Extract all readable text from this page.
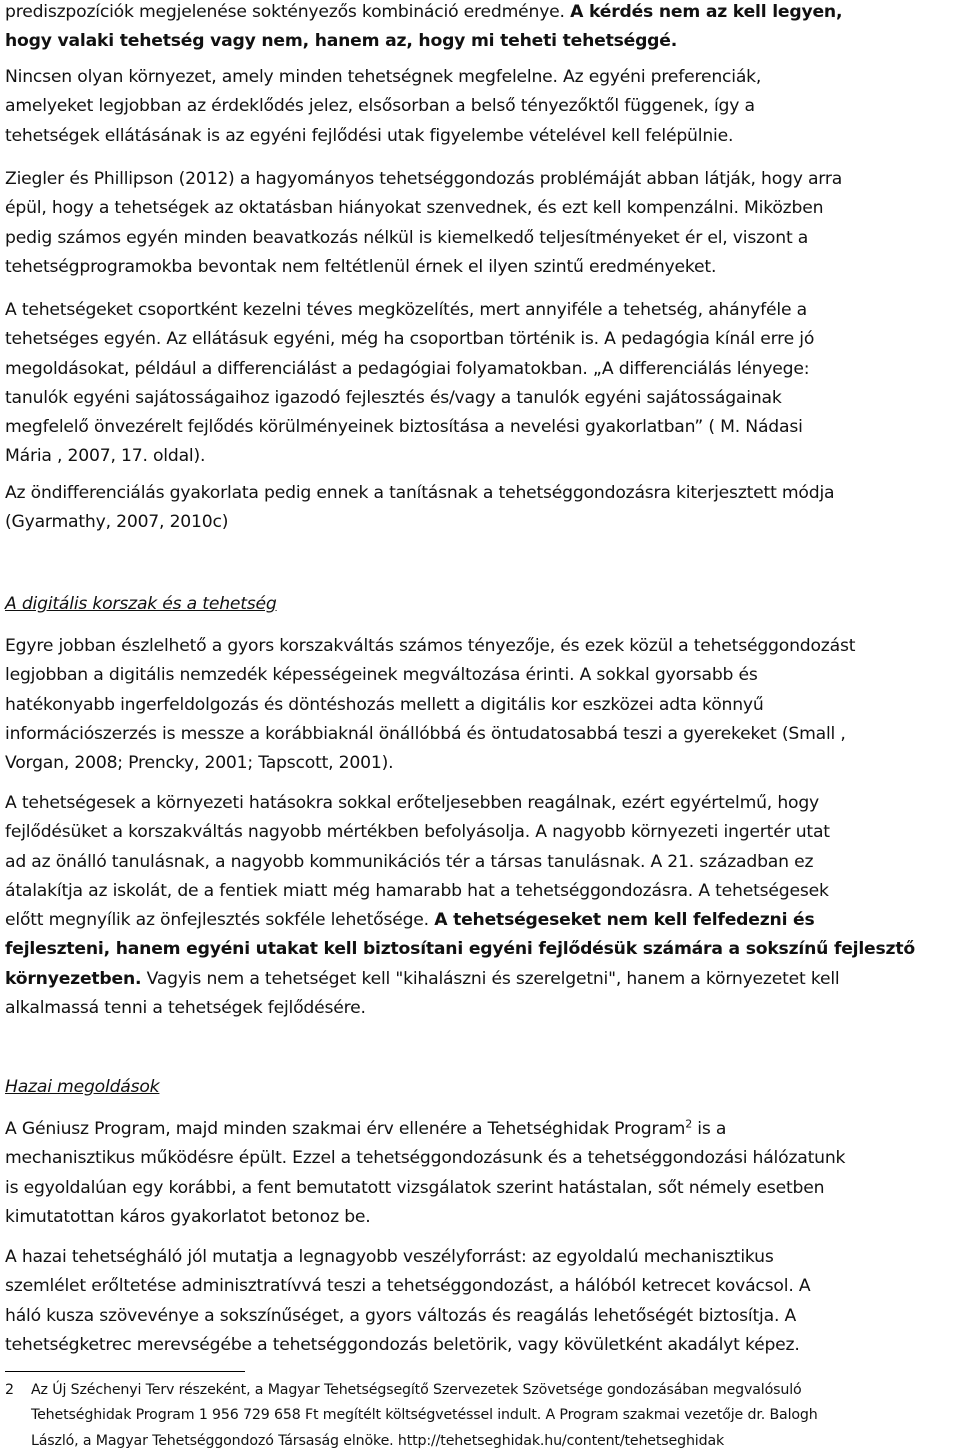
prediszpozíciók megjelenése soktényezős kombináció eredménye. A kérdés nem az kell legyen,
hogy valaki tehetség vagy nem, hanem az, hogy mi teheti tehetséggé.

Nincsen olyan környezet, amely minden tehetségnek megfelelne. Az egyéni preferenciák,
amelyeket legjobban az érdeklődés jelez, elsősorban a belső tényezőktől függenek, így a
tehetségek ellátásának is az egyéni fejlődési utak figyelembe vételével kell felépülnie.

Ziegler és Phillipson (2012) a hagyományos tehetséggondozás problémáját abban látják, hogy arra
épül, hogy a tehetségek az oktatásban hiányokat szenvednek, és ezt kell kompenzálni. Miközben
pedig számos egyén minden beavatkozás nélkül is kiemelkedő teljesítményeket ér el, viszont a
tehetségprogramokba bevontak nem feltétlenül érnek el ilyen szintű eredményeket.

A tehetségeket csoportként kezelni téves megközelítés, mert annyiféle a tehetség, ahányféle a
tehetséges egyén. Az ellátásuk egyéni, még ha csoportban történik is. A pedagógia kínál erre jó
megoldásokat, például a differenciálást a pedagógiai folyamatokban. „A differenciálás lényege:
tanulók egyéni sajátosságaihoz igazodó fejlesztés és/vagy a tanulók egyéni sajátosságainak
megfelelő önvezérelt fejlődés körülményeinek biztosítása a nevelési gyakorlatban” ( M. Nádasi
Mária , 2007, 17. oldal).

Az öndifferenciálás gyakorlata pedig ennek a tanításnak a tehetséggondozásra kiterjesztett módja
(Gyarmathy, 2007, 2010c)

A digitális korszak és a tehetség

Egyre jobban észlelhető a gyors korszakváltás számos tényezője, és ezek közül a tehetséggondozást
legjobban a digitális nemzedék képességeinek megváltozása érinti. A sokkal gyorsabb és
hatékonyabb ingerfeldolgozás és döntéshozás mellett a digitális kor eszközei adta könnyű
információszerzés is messze a korábbiaknál önállóbbá és öntudatosabbá teszi a gyerekeket (Small ,
Vorgan, 2008; Prencky, 2001; Tapscott, 2001).

A tehetségesek a környezeti hatásokra sokkal erőteljesebben reagálnak, ezért egyértelmű, hogy
fejlődésüket a korszakváltás nagyobb mértékben befolyásolja. A nagyobb környezeti ingertér utat
ad az önálló tanulásnak, a nagyobb kommunikációs tér a társas tanulásnak. A 21. században ez
átalakítja az iskolát, de a fentiek miatt még hamarabb hat a tehetséggondozásra. A tehetségesek
előtt megnyílik az önfejlesztés sokféle lehetősége. A tehetségeseket nem kell felfedezni és
fejleszteni, hanem egyéni utakat kell biztosítani egyéni fejlődésük számára a sokszínű fejlesztő
környezetben. Vagyis nem a tehetséget kell "kihalászni és szerelgetni", hanem a környezetet kell
alkalmassá tenni a tehetségek fejlődésére.

Hazai megoldások

A Géniusz Program, majd minden szakmai érv ellenére a Tehetséghidak Program$^2$ is a
mechanisztikus működésre épült. Ezzel a tehetséggondozásunk és a tehetséggondozási hálózatunk
is egyoldalúan egy korábbi, a fent bemutatott vizsgálatok szerint hatástalan, sőt némely esetben
kimutatottan káros gyakorlatot betonoz be.

A hazai tehetségháló jól mutatja a legnagyobb veszélyforrást: az egyoldalú mechanisztikus
szemlélet erőltetése adminisztratívvá teszi a tehetséggondozást, a hálóból ketrecet kovácsol. A
háló kusza szövevénye a sokszínűséget, a gyors változás és reagálás lehetőségét biztosítja. A
tehetségketrec merevségébe a tehetséggondozás beletörik, vagy kövületként akadályt képez.

2 Az Új Széchenyi Terv részeként, a Magyar Tehetségsegítő Szervezetek Szövetsége gondozásában megvalósuló
Tehetséghidak Program 1 956 729 658 Ft megítélt költségvetéssel indult. A Program szakmai vezetője dr. Balogh
László, a Magyar Tehetséggondozó Társaság elnöke. http://tehetseghidak.hu/content/tehetseghidak
